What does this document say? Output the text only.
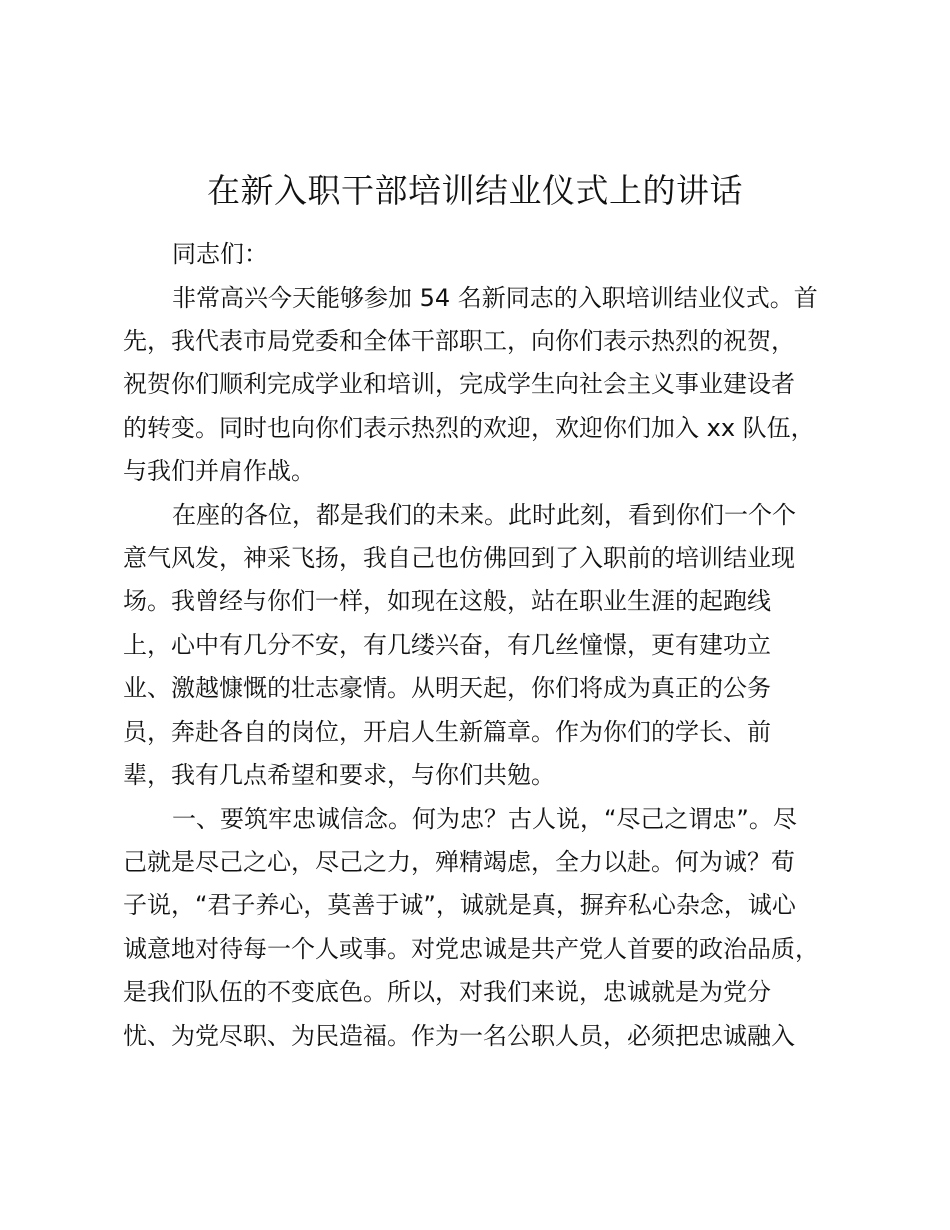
在新入职干部培训结业仪式上的讲话
同志们：
非常高兴今天能够参加 54 名新同志的入职培训结业仪式。首
先，我代表市局党委和全体干部职工，向你们表示热烈的祝贺，
祝贺你们顺利完成学业和培训，完成学生向社会主义事业建设者
的转变。同时也向你们表示热烈的欢迎，欢迎你们加入 xx 队伍，
与我们并肩作战。
在座的各位，都是我们的未来。此时此刻，看到你们一个个
意气风发，神采飞扬，我自己也仿佛回到了入职前的培训结业现
场。我曾经与你们一样，如现在这般，站在职业生涯的起跑线
上，心中有几分不安，有几缕兴奋，有几丝憧憬，更有建功立
业、激越慷慨的壮志豪情。从明天起，你们将成为真正的公务
员，奔赴各自的岗位，开启人生新篇章。作为你们的学长、前
辈，我有几点希望和要求，与你们共勉。
一、要筑牢忠诚信念。何为忠？古人说，“尽己之谓忠”。尽
己就是尽己之心，尽己之力，殚精竭虑，全力以赴。何为诚？荀
子说，“君子养心，莫善于诚”，诚就是真，摒弃私心杂念，诚心
诚意地对待每一个人或事。对党忠诚是共产党人首要的政治品质，
是我们队伍的不变底色。所以，对我们来说，忠诚就是为党分
忧、为党尽职、为民造福。作为一名公职人员，必须把忠诚融入
